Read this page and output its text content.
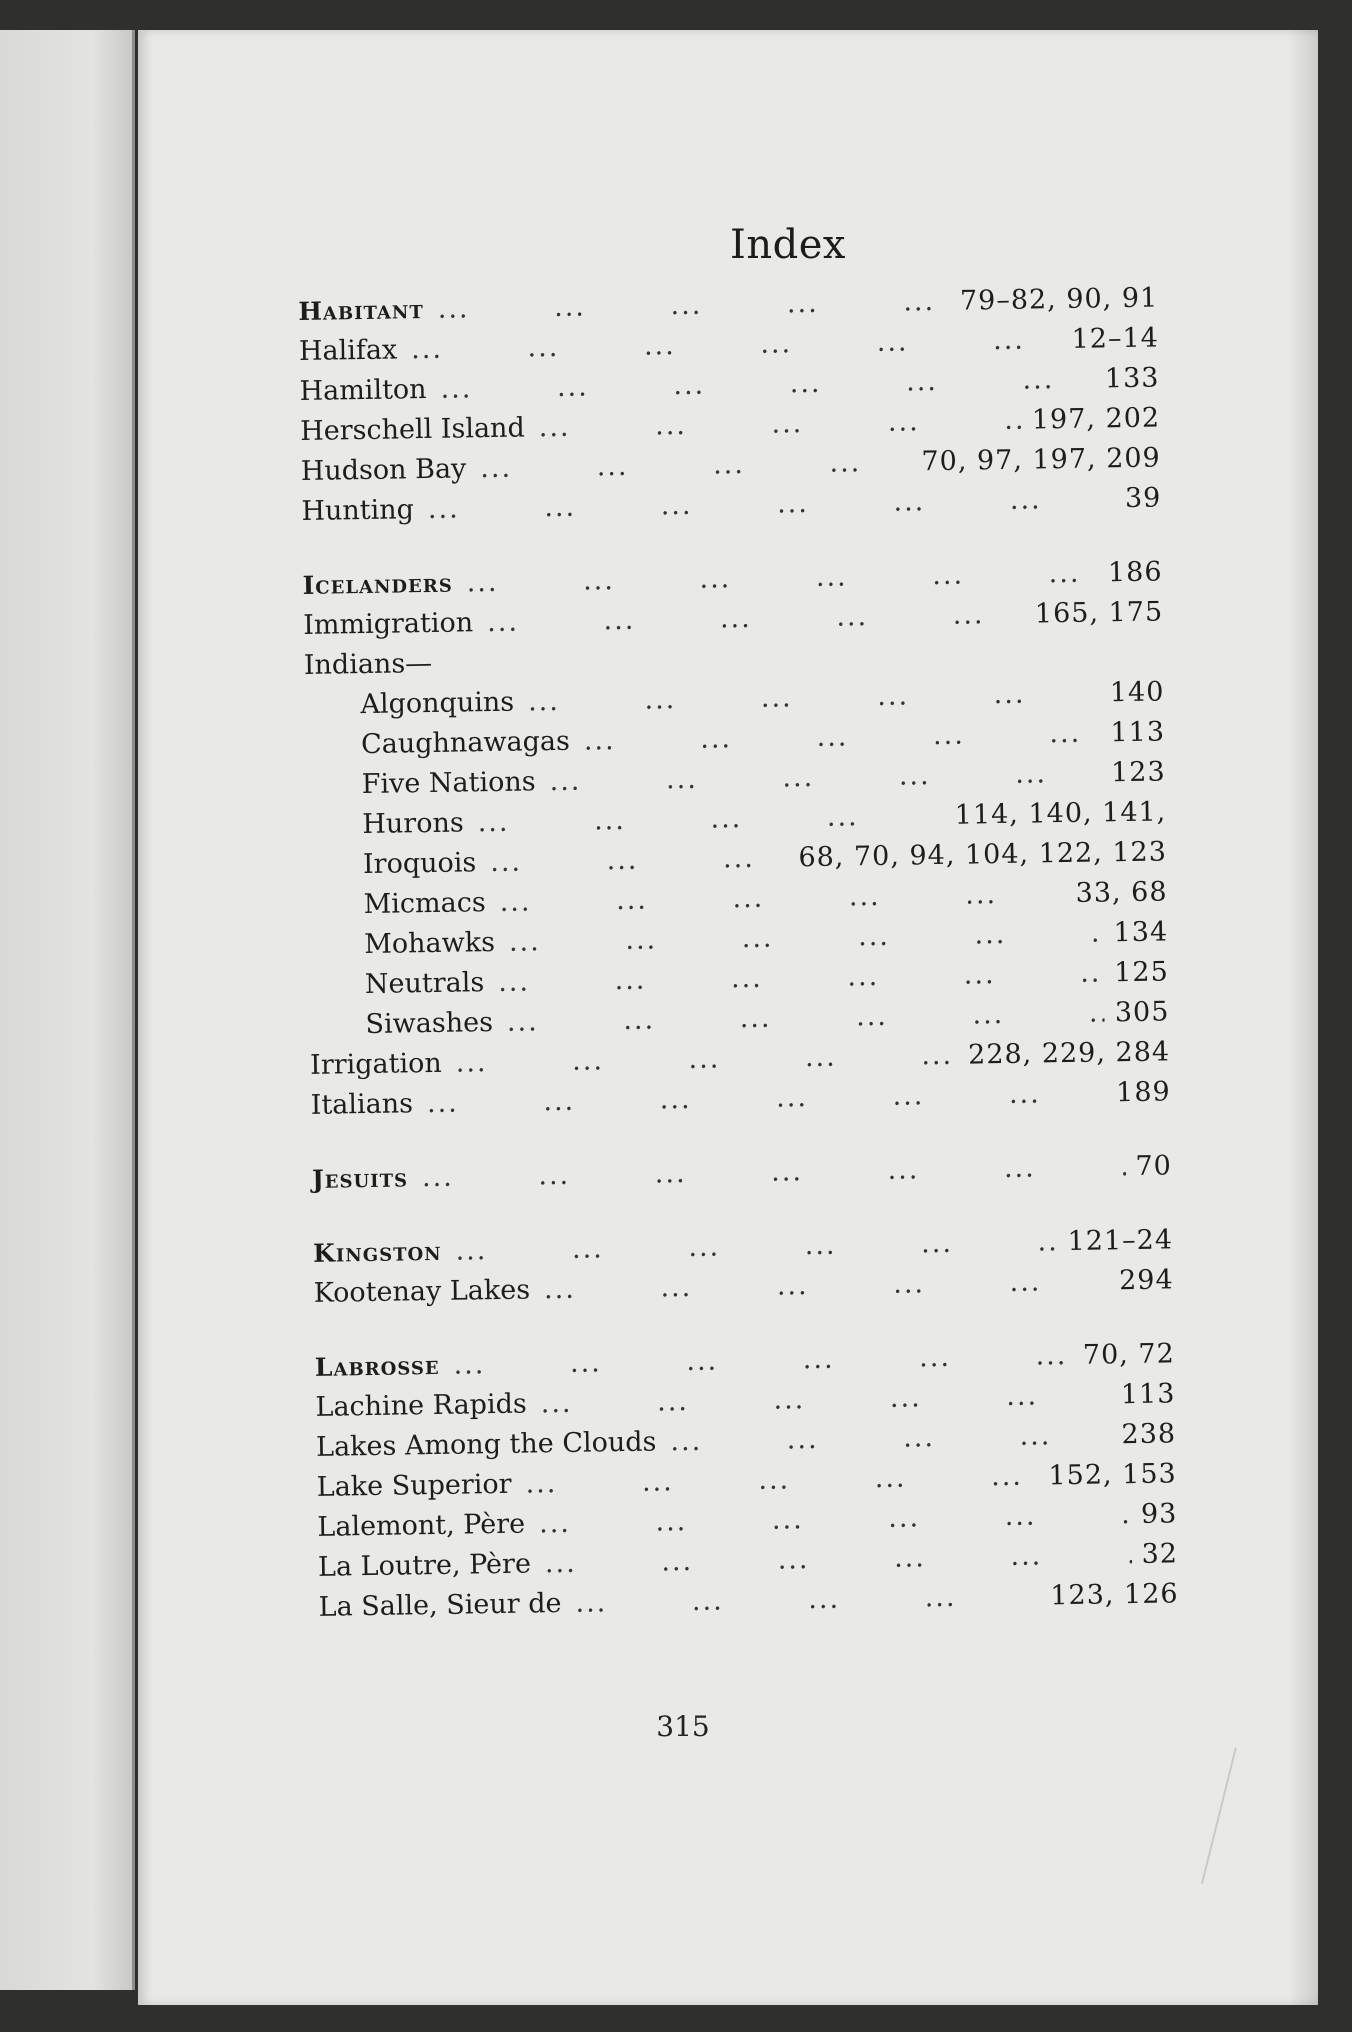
Index
Habitant ...	79–82, 90, 91
Halifax ...	12–14
Hamilton ...	133
Herschell Island ...	197, 202
Hudson Bay ...	70, 97, 197, 209
Hunting ...	39
Icelanders ...	186
Immigration ...	165, 175
Indians—
Algonquins ...	140
Caughnawagas ...	113
Five Nations ...	123
Hurons ...	114, 140, 141,
Iroquois ...	68, 70, 94, 104, 122, 123
Micmacs ...	33, 68
Mohawks ...	134
Neutrals ...	125
Siwashes ...	305
Irrigation ...	228, 229, 284
Italians ...	189
Jesuits ...	70
Kingston ...	121–24
Kootenay Lakes ...	294
Labrosse ...	70, 72
Lachine Rapids ...	113
Lakes Among the Clouds ...	238
Lake Superior ...	152, 153
Lalemont, Père ...	93
La Loutre, Père ...	32
La Salle, Sieur de ...	123, 126
315
